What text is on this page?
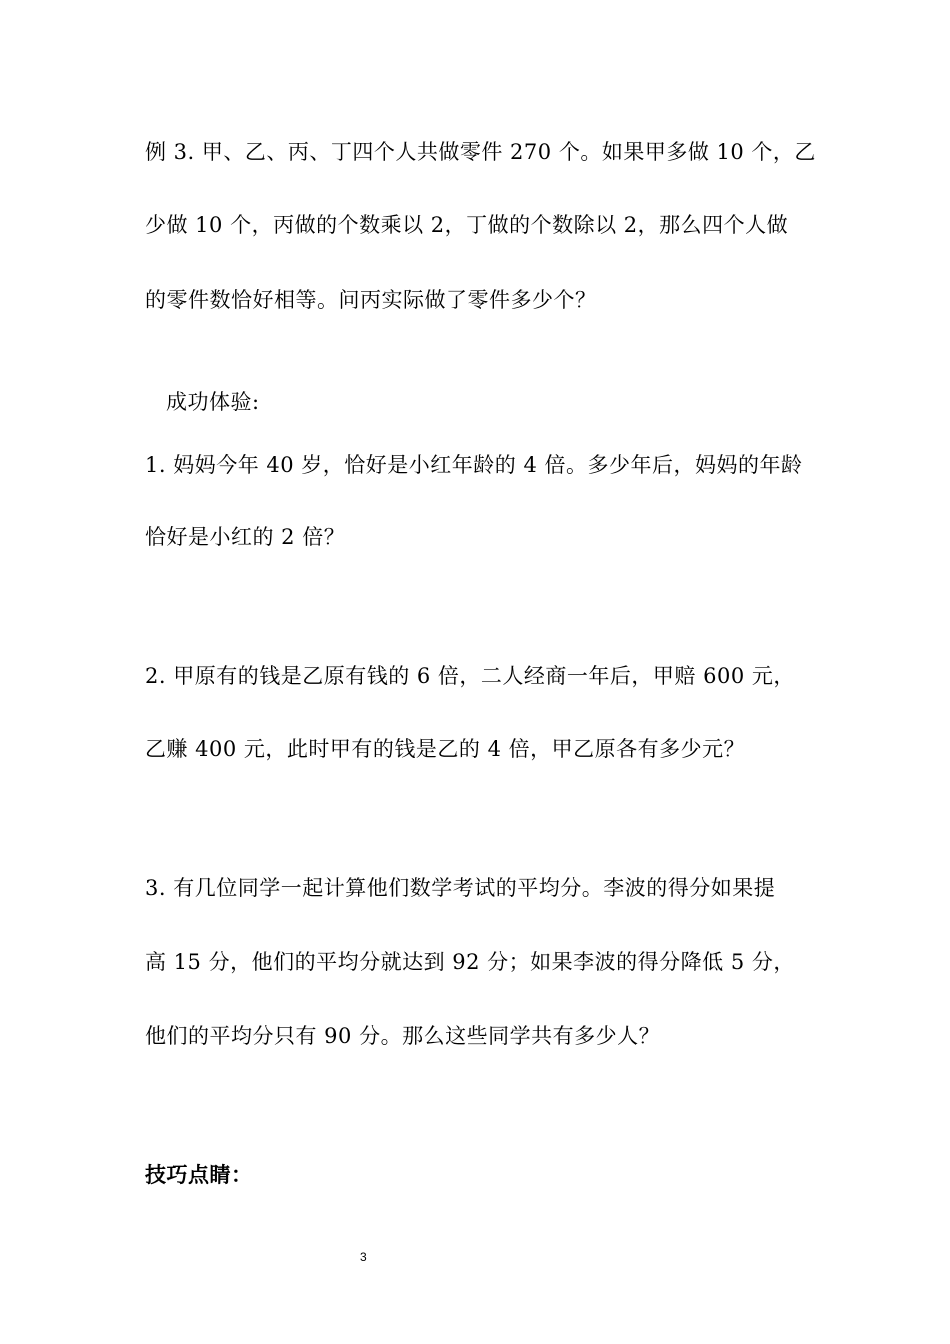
例 3. 甲、乙、丙、丁四个人共做零件 270 个。如果甲多做 10 个，乙
少做 10 个，丙做的个数乘以 2，丁做的个数除以 2，那么四个人做
的零件数恰好相等。问丙实际做了零件多少个？
成功体验:
1. 妈妈今年 40 岁，恰好是小红年龄的 4 倍。多少年后，妈妈的年龄
恰好是小红的 2 倍？
2. 甲原有的钱是乙原有钱的 6 倍，二人经商一年后，甲赔 600 元，
乙赚 400 元，此时甲有的钱是乙的 4 倍，甲乙原各有多少元？
3. 有几位同学一起计算他们数学考试的平均分。李波的得分如果提
高 15 分，他们的平均分就达到 92 分；如果李波的得分降低 5 分，
他们的平均分只有 90 分。那么这些同学共有多少人？
技巧点睛：
3
